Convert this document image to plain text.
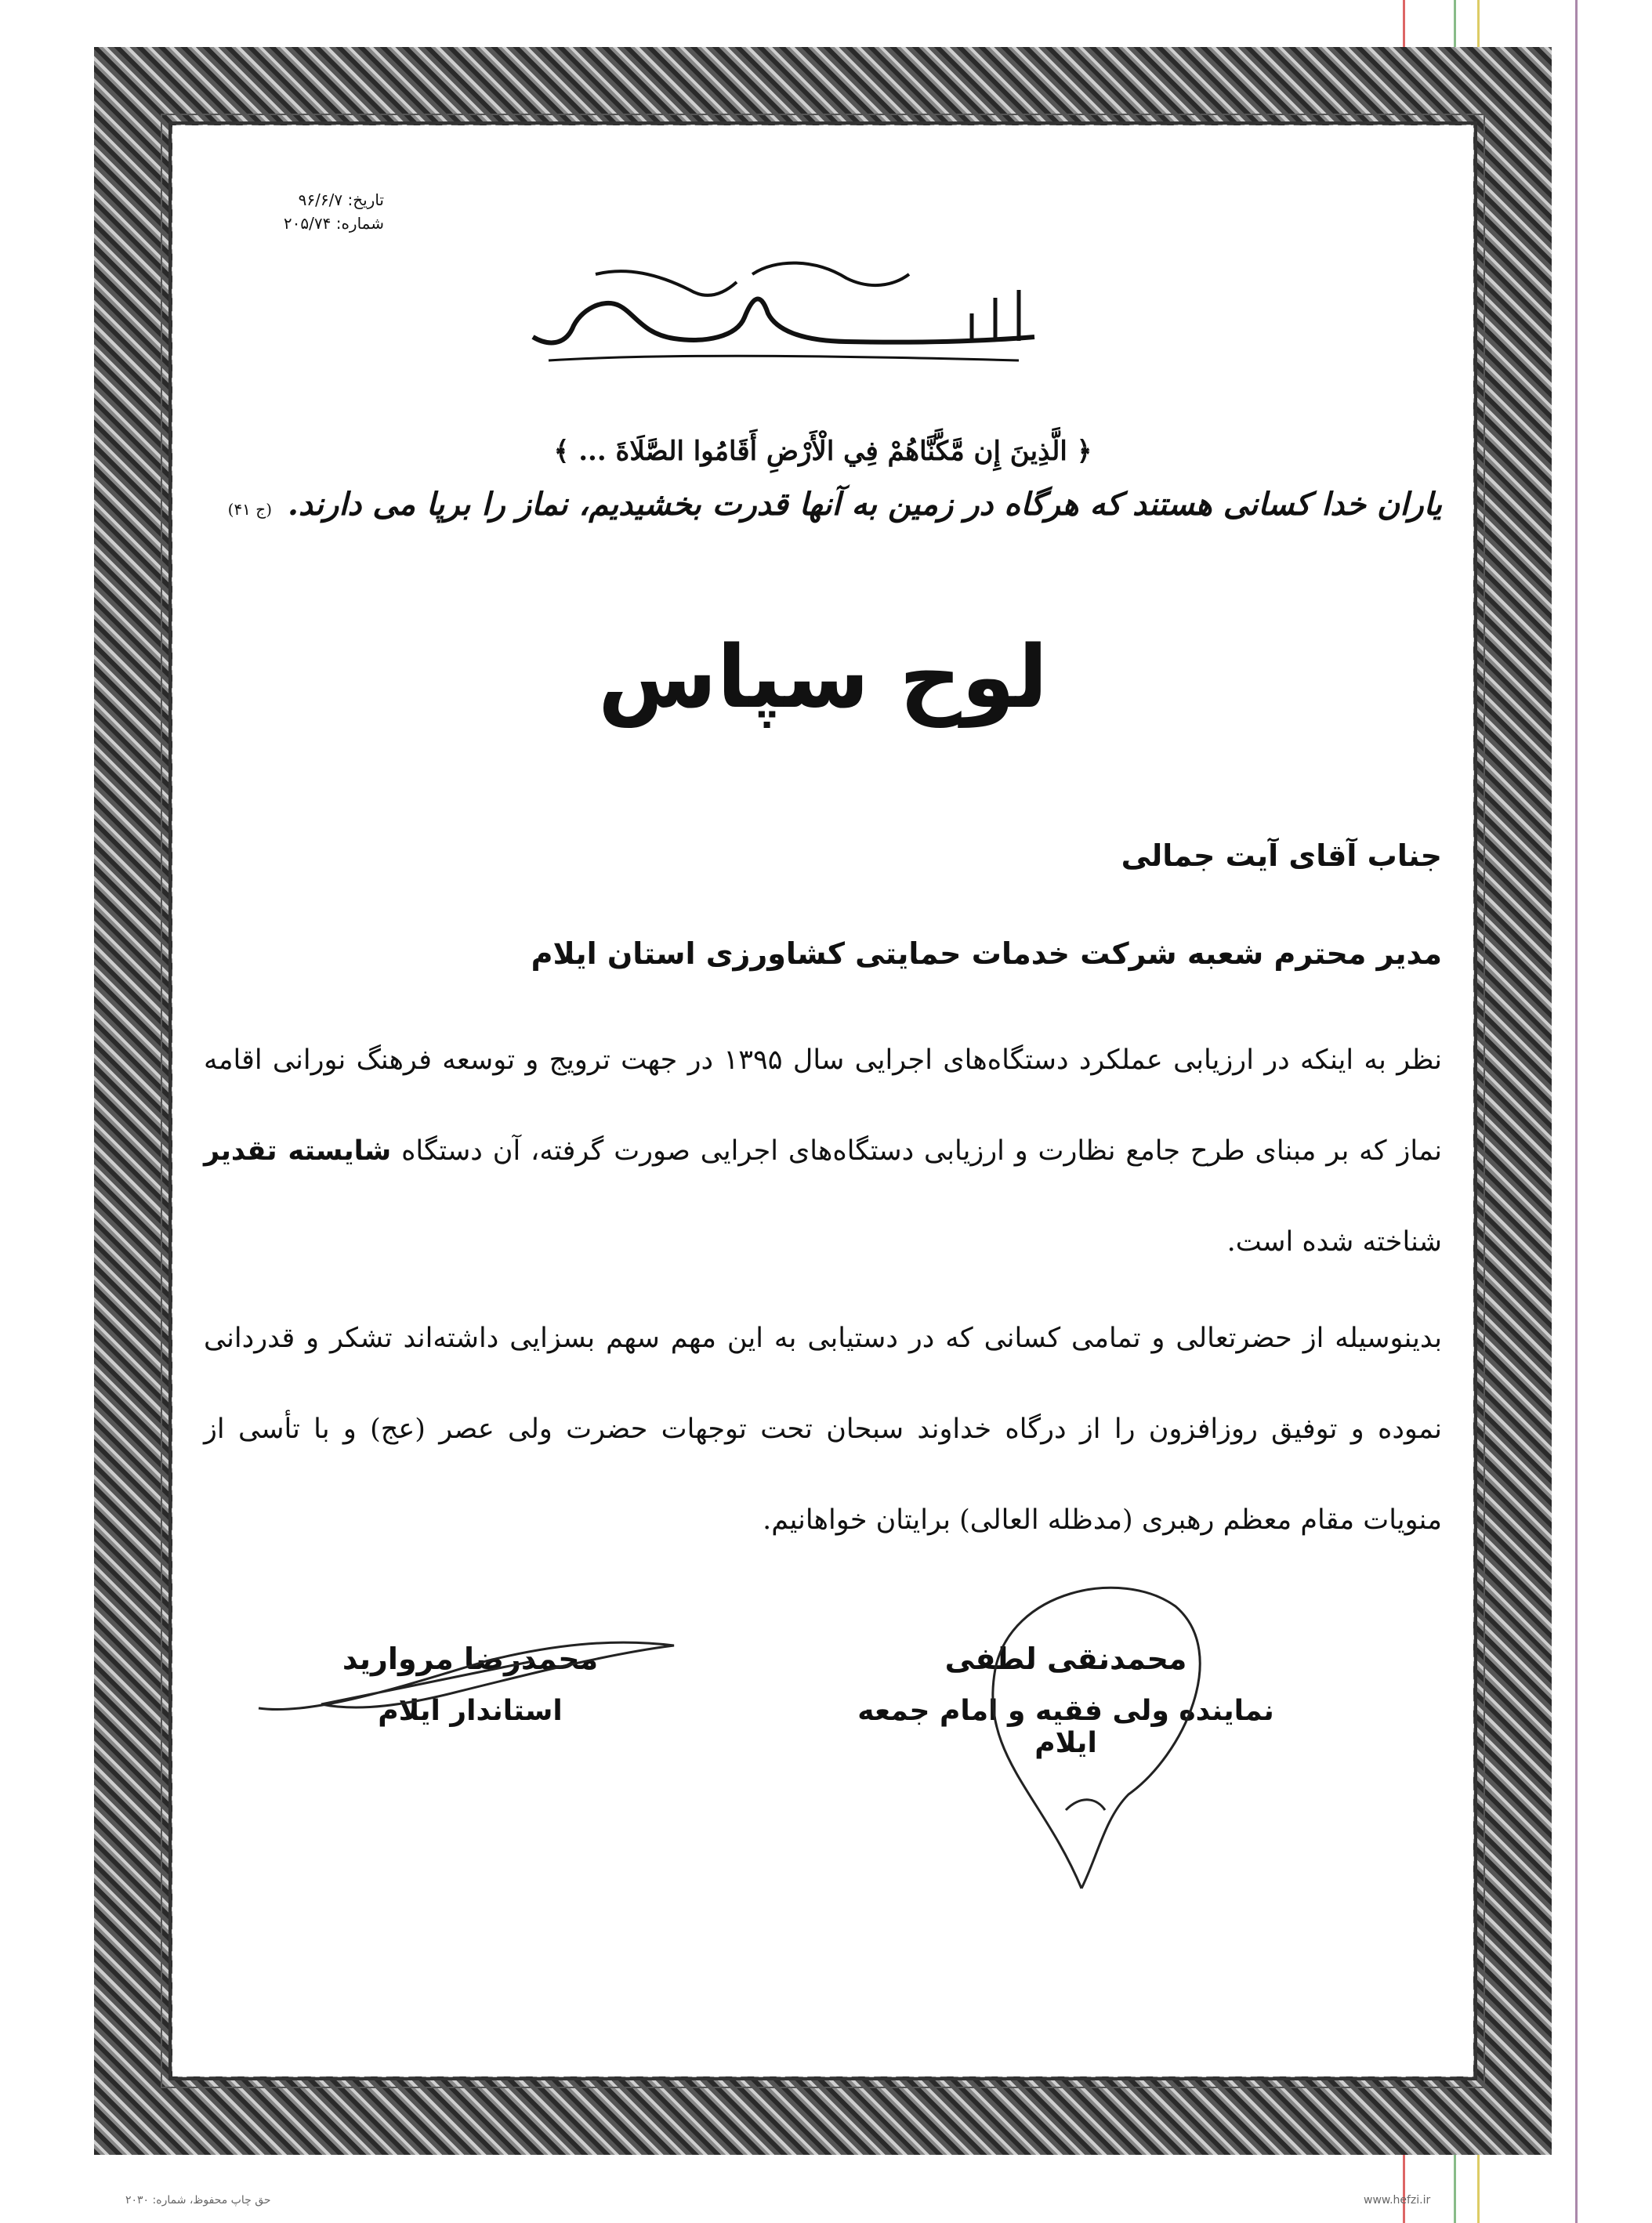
تاریخ: ۹۶/۶/۷
شماره: ۲۰۵/۷۴
﴿ الَّذِينَ إِن مَّكَّنَّاهُمْ فِي الْأَرْضِ أَقَامُوا الصَّلَاةَ ... ﴾
یاران خدا کسانی هستند که هرگاه در زمین به آنها قدرت بخشیدیم، نماز را برپا می دارند.(ج ۴۱)
لوح سپاس
جناب آقای آیت جمالی
مدیر محترم شعبه شرکت خدمات حمایتی کشاورزی استان ایلام
نظر به اینکه در ارزیابی عملکرد دستگاه‌های اجرایی سال ۱۳۹۵ در جهت ترویج و توسعه فرهنگ نورانی اقامه نماز که بر مبنای طرح جامع نظارت و ارزیابی دستگاه‌های اجرایی صورت گرفته، آن دستگاه شایسته تقدیر شناخته شده است.
بدینوسیله از حضرتعالی و تمامی کسانی که در دستیابی به این مهم سهم بسزایی داشته‌اند تشکر و قدردانی نموده و توفیق روزافزون را از درگاه خداوند سبحان تحت توجهات حضرت ولی عصر (عج) و با تأسی از منویات مقام معظم رهبری (مدظله العالی) برایتان خواهانیم.
محمدنقی لطفی
نماینده ولی فقیه و امام جمعه ایلام
محمدرضا مروارید
استاندار ایلام
حق چاپ محفوظ، شماره: ۲۰۳۰	www.hefzi.ir
